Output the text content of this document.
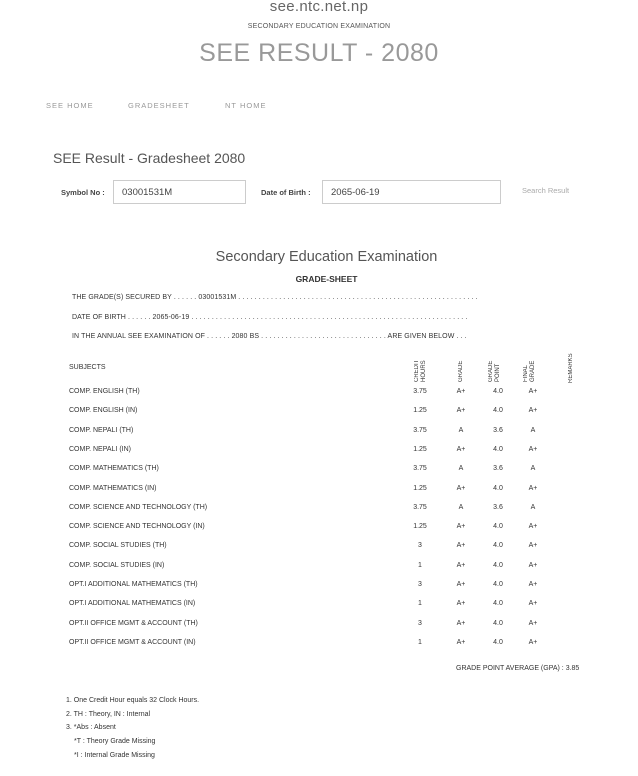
see.ntc.net.np
SECONDARY EDUCATION EXAMINATION
SEE RESULT - 2080
SEE HOME	GRADESHEET	NT HOME
SEE Result - Gradesheet 2080
Symbol No :	03001531M	Date of Birth :	2065-06-19	Search Result
Secondary Education Examination
GRADE-SHEET
THE GRADE(S) SECURED BY . . . . . . 03001531M . . . . . . . . . . . . . . . . . . . . . . . . . . . . . . . . . . . . . . . . . . . . . . . . . . . . . . . . . . .
DATE OF BIRTH . . . . . . 2065-06-19 . . . . . . . . . . . . . . . . . . . . . . . . . . . . . . . . . . . . . . . . . . . . . . . . . . . . . . . . . . . . . . . . . . . .
IN THE ANNUAL SEE EXAMINATION OF . . . . . . 2080 BS . . . . . . . . . . . . . . . . . . . . . . . . . . . . . . . ARE GIVEN BELOW . . .
SUBJECTS	CREDIT HOURS	GRADE	GRADE POINT	FINAL GRADE	REMARKS
COMP. ENGLISH (TH)	3.75	A+	4.0	A+
COMP. ENGLISH (IN)	1.25	A+	4.0	A+
COMP. NEPALI (TH)	3.75	A	3.6	A
COMP. NEPALI (IN)	1.25	A+	4.0	A+
COMP. MATHEMATICS (TH)	3.75	A	3.6	A
COMP. MATHEMATICS (IN)	1.25	A+	4.0	A+
COMP. SCIENCE AND TECHNOLOGY (TH)	3.75	A	3.6	A
COMP. SCIENCE AND TECHNOLOGY (IN)	1.25	A+	4.0	A+
COMP. SOCIAL STUDIES (TH)	3	A+	4.0	A+
COMP. SOCIAL STUDIES (IN)	1	A+	4.0	A+
OPT.I ADDITIONAL MATHEMATICS (TH)	3	A+	4.0	A+
OPT.I ADDITIONAL MATHEMATICS (IN)	1	A+	4.0	A+
OPT.II OFFICE MGMT & ACCOUNT (TH)	3	A+	4.0	A+
OPT.II OFFICE MGMT & ACCOUNT (IN)	1	A+	4.0	A+
GRADE POINT AVERAGE (GPA) : 3.85
1. One Credit Hour equals 32 Clock Hours.
2. TH : Theory, IN : Internal
3. *Abs : Absent
*T : Theory Grade Missing
*I : Internal Grade Missing
